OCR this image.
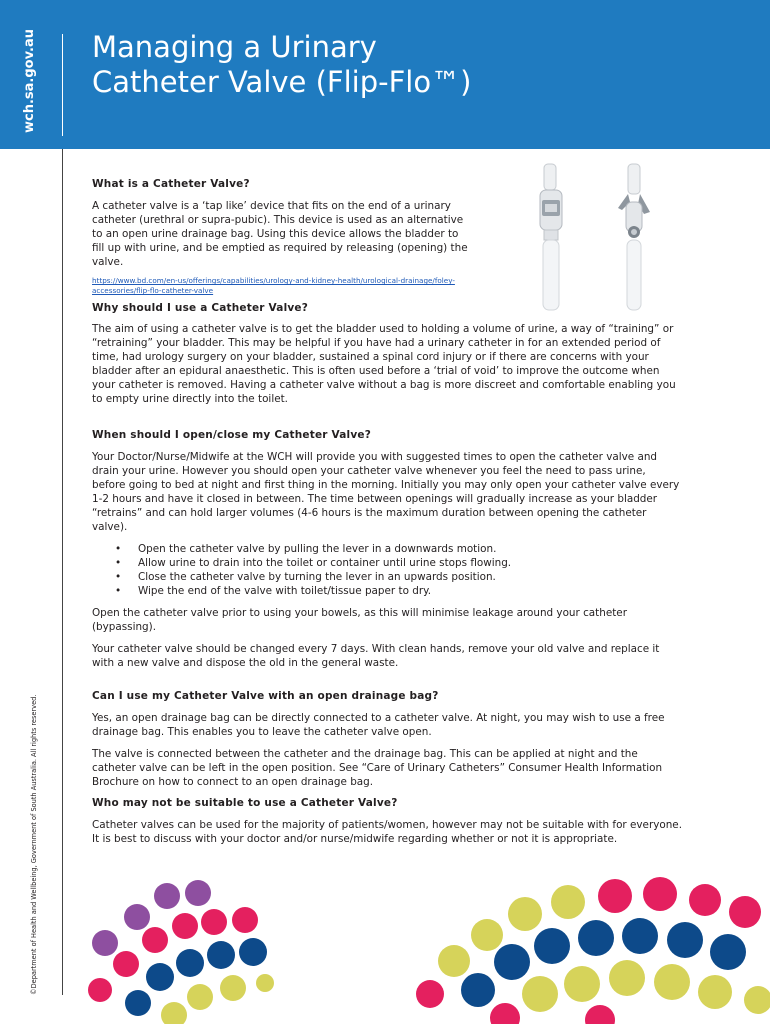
wch.sa.gov.au Managing a Urinary
Catheter Valve (Flip-Flo™)
©Department of Health and Wellbeing, Government of South Australia. All rights reserved.
What is a Catheter Valve?

A catheter valve is a ‘tap like’ device that fits on the end of a urinary catheter (urethral or supra-pubic). This device is used as an alternative to an open urine drainage bag. Using this device allows the bladder to fill up with urine, and be emptied as required by releasing (opening) the valve.

https://www.bd.com/en-us/offerings/capabilities/urology-and-kidney-health/urological-drainage/foley-accessories/flip-flo-catheter-valve
Why should I use a Catheter Valve?

The aim of using a catheter valve is to get the bladder used to holding a volume of urine, a way of “training” or “retraining” your bladder. This may be helpful if you have had a urinary catheter in for an extended period of time, had urology surgery on your bladder, sustained a spinal cord injury or if there are concerns with your bladder after an epidural anaesthetic. This is often used before a ‘trial of void’ to improve the outcome when your catheter is removed. Having a catheter valve without a bag is more discreet and comfortable enabling you to empty urine directly into the toilet.

When should I open/close my Catheter Valve?

Your Doctor/Nurse/Midwife at the WCH will provide you with suggested times to open the catheter valve and drain your urine. However you should open your catheter valve whenever you feel the need to pass urine, before going to bed at night and first thing in the morning. Initially you may only open your catheter valve every 1-2 hours and have it closed in between. The time between openings will gradually increase as your bladder “retrains” and can hold larger volumes (4-6 hours is the maximum duration between opening the catheter valve).

• Open the catheter valve by pulling the lever in a downwards motion.
• Allow urine to drain into the toilet or container until urine stops flowing.
• Close the catheter valve by turning the lever in an upwards position.
• Wipe the end of the valve with toilet/tissue paper to dry.

Open the catheter valve prior to using your bowels, as this will minimise leakage around your catheter (bypassing).

Your catheter valve should be changed every 7 days. With clean hands, remove your old valve and replace it with a new valve and dispose the old in the general waste.

Can I use my Catheter Valve with an open drainage bag?

Yes, an open drainage bag can be directly connected to a catheter valve. At night, you may wish to use a free drainage bag. This enables you to leave the catheter valve open.

The valve is connected between the catheter and the drainage bag. This can be applied at night and the catheter valve can be left in the open position. See “Care of Urinary Catheters” Consumer Health Information Brochure on how to connect to an open drainage bag.

Who may not be suitable to use a Catheter Valve?

Catheter valves can be used for the majority of patients/women, however may not be suitable with for everyone. It is best to discuss with your doctor and/or nurse/midwife regarding whether or not it is appropriate.
